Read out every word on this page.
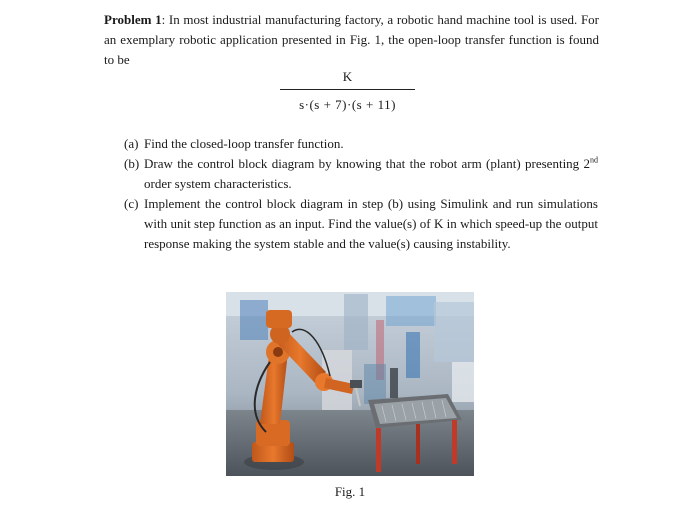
Problem 1: In most industrial manufacturing factory, a robotic hand machine tool is used. For an exemplary robotic application presented in Fig. 1, the open-loop transfer function is found to be

K
s·(s + 7)·(s + 11)
(a) Find the closed-loop transfer function.
(b) Draw the control block diagram by knowing that the robot arm (plant) presenting 2nd order system characteristics.
(c) Implement the control block diagram in step (b) using Simulink and run simulations with unit step function as an input. Find the value(s) of K in which speed-up the output response making the system stable and the value(s) causing instability.
Fig. 1
